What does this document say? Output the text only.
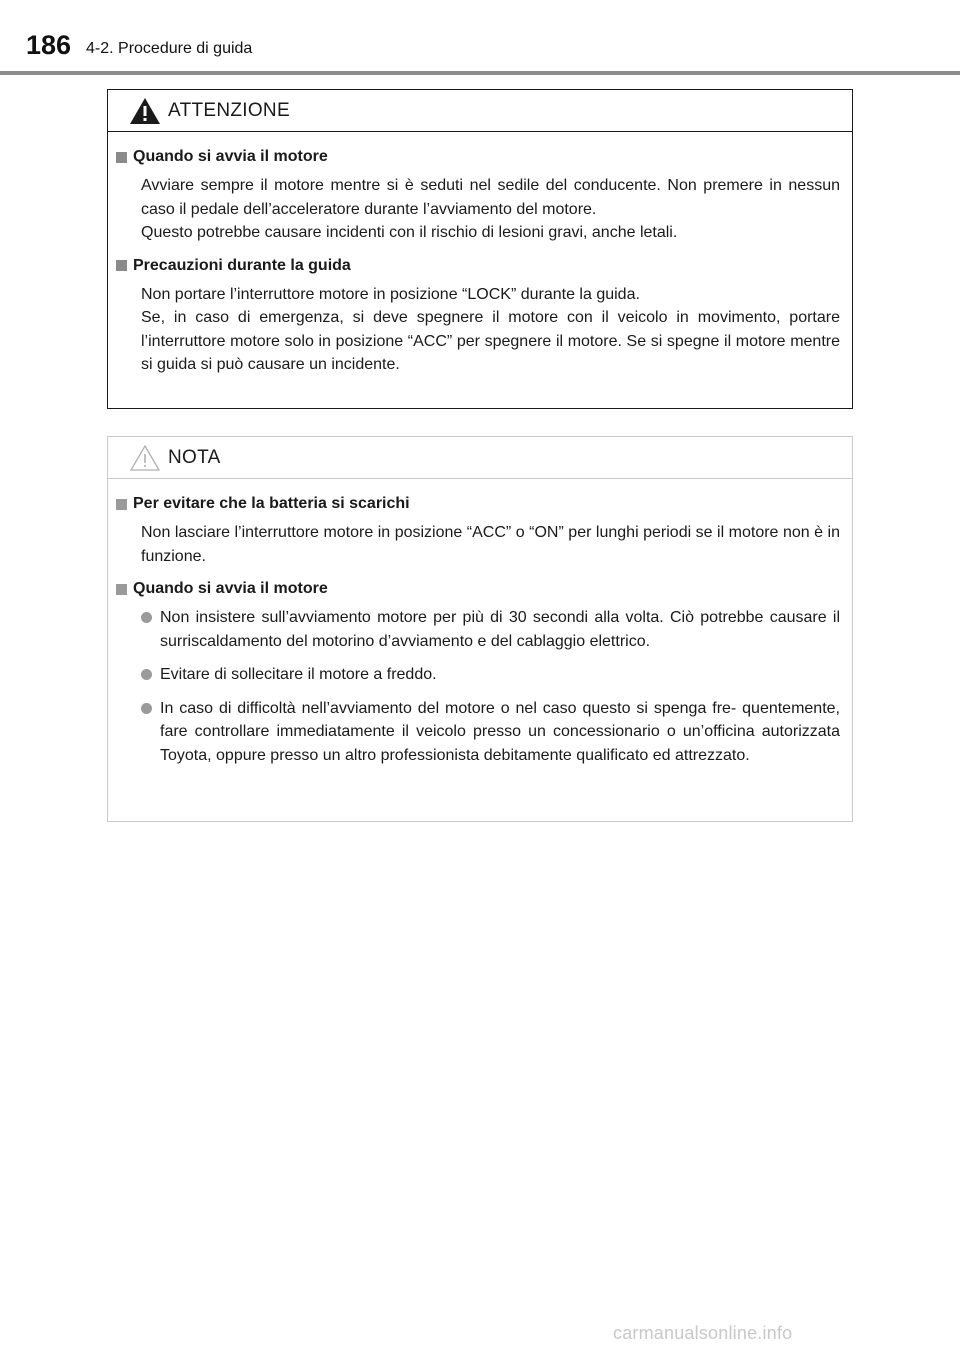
186 4-2. Procedure di guida
ATTENZIONE
Quando si avvia il motore

Avviare sempre il motore mentre si è seduti nel sedile del conducente. Non premere in nessun caso il pedale dell’acceleratore durante l’avviamento del motore.

Questo potrebbe causare incidenti con il rischio di lesioni gravi, anche letali.

Precauzioni durante la guida

Non portare l’interruttore motore in posizione “LOCK” durante la guida.

Se, in caso di emergenza, si deve spegnere il motore con il veicolo in movimento, portare l’interruttore motore solo in posizione “ACC” per spegnere il motore. Se si spegne il motore mentre si guida si può causare un incidente.

NOTA
Per evitare che la batteria si scarichi

Non lasciare l’interruttore motore in posizione “ACC” o “ON” per lunghi periodi se il motore non è in funzione.

Quando si avvia il motore
Non insistere sull’avviamento motore per più di 30 secondi alla volta. Ciò potrebbe causare il surriscaldamento del motorino d’avviamento e del cablaggio elettrico.
Evitare di sollecitare il motore a freddo.
In caso di difficoltà nell’avviamento del motore o nel caso questo si spenga fre- quentemente, fare controllare immediatamente il veicolo presso un concessionario o un’officina autorizzata Toyota, oppure presso un altro professionista debitamente qualificato ed attrezzato.
carmanualsonline.info
